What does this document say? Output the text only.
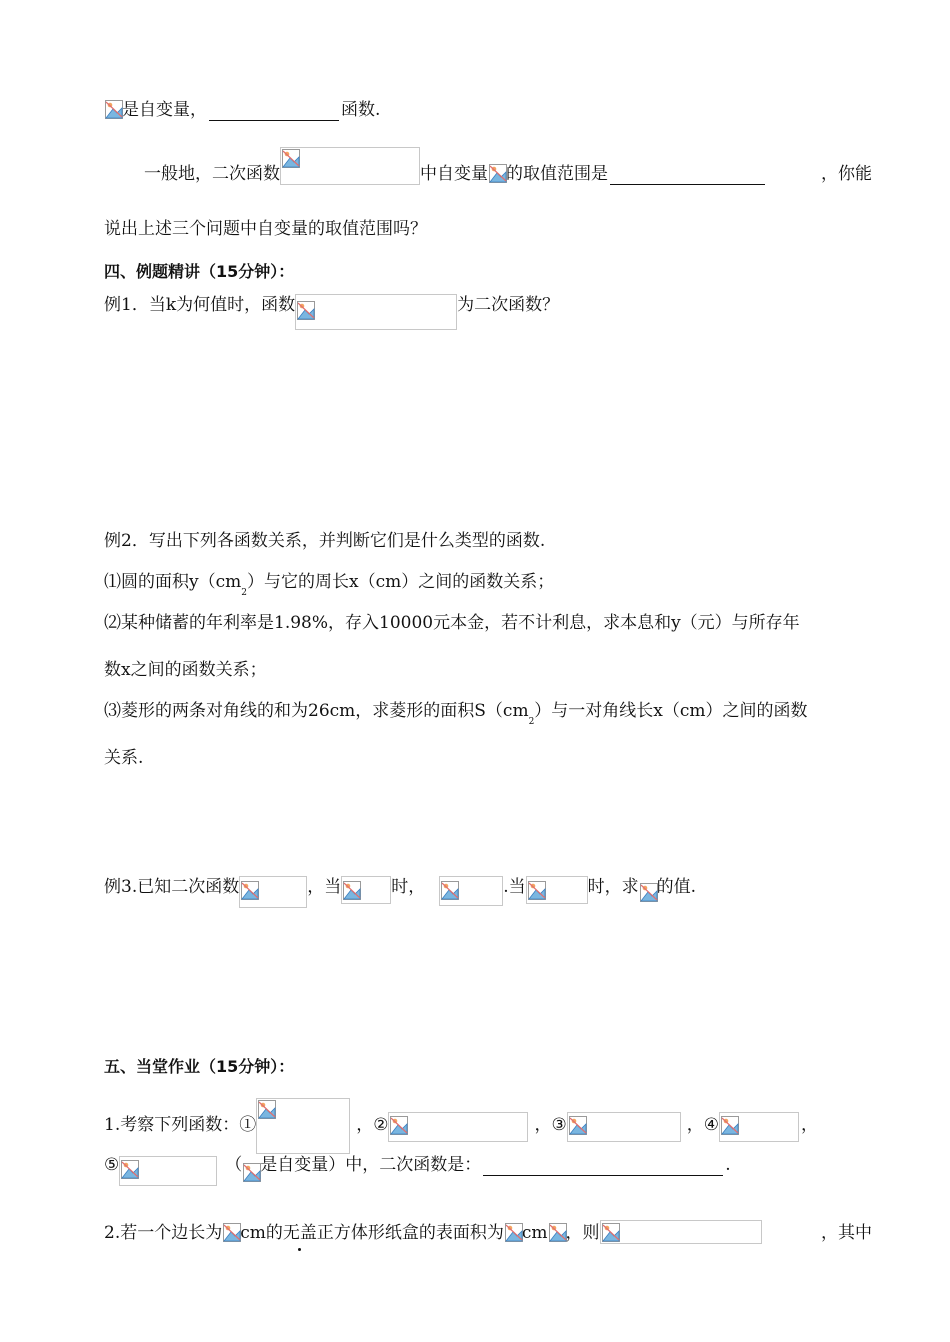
是自变量，	函数.
一般地，二次函数	中自变量 的取值范围是	，你能
说出上述三个问题中自变量的取值范围吗？
四、例题精讲（15分钟）：
例1．当k为何值时，函数	为二次函数？
例2．写出下列各函数关系，并判断它们是什么类型的函数.
⑴圆的面积y（cm
2
）与它的周长x（cm）之间的函数关系；
⑵某种储蓄的年利率是1.98%，存入10000元本金，若不计利息，求本息和y（元）与所存年
数x之间的函数关系；
⑶菱形的两条对角线的和为26cm，求菱形的面积S（cm
2
）与一对角线长x（cm）之间的函数
关系.
例3.已知二次函数	，当	时，	.当	时，求 的值.
五、当堂作业（15分钟）：
1.考察下列函数：①	， ②	， ③	， ④	，
⑤	（ 是自变量）中，二次函数是：	.
2.若一个边长为 cm的 无盖 正方体形纸盒的表面积为 cm ，则	，其中
